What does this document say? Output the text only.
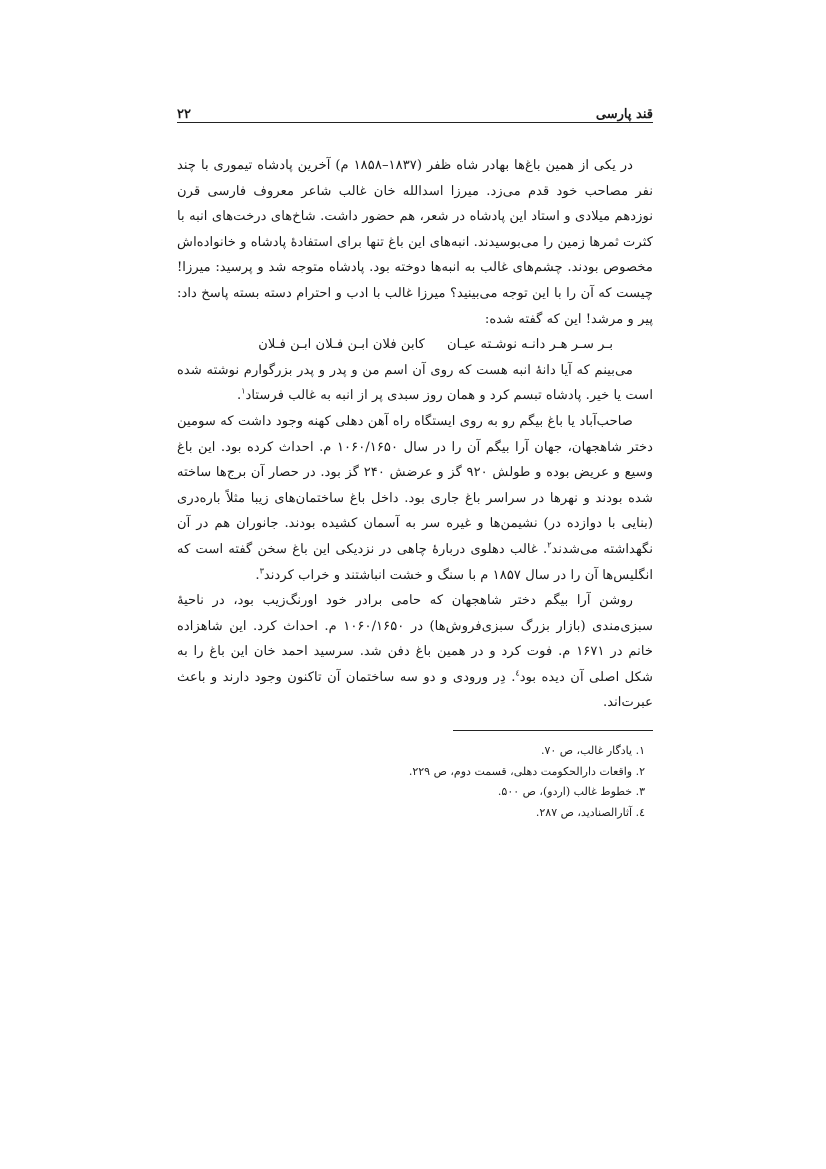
قند پارسی
۲۲

در یکی از همین باغ‌ها بهادر شاه ظفر (۱۸۳۷–۱۸۵۸ م) آخرین پادشاه تیموری با چند نفر مصاحب خود قدم می‌زد. میرزا اسدالله خان غالب شاعر معروف فارسی قرن نوزدهم میلادی و استاد این پادشاه در شعر، هم حضور داشت. شاخ‌های درخت‌های انبه با کثرت ثمرها زمین را می‌بوسیدند. انبه‌های این باغ تنها برای استفادهٔ پادشاه و خانواده‌اش مخصوص بودند. چشم‌های غالب به انبه‌ها دوخته بود. پادشاه متوجه شد و پرسید: میرزا! چیست که آن را با این توجه می‌بینید؟ میرزا غالب با ادب و احترام دسته بسته پاسخ داد: پیر و مرشد! این که گفته شده:

بـر سـر هـر دانـه نوشـته عیـان
کابن فلان ابـن فـلان ابـن فـلان

می‌بینم که آیا دانهٔ انبه هست که روی آن اسم من و پدر و پدر بزرگوارم نوشته شده است یا خیر. پادشاه تبسم کرد و همان روز سبدی پر از انبه به غالب فرستاد$^۱$.

صاحب‌آباد یا باغ بیگم رو به روی ایستگاه راه آهن دهلی کهنه وجود داشت که سومین دختر شاهجهان، جهان آرا بیگم آن را در سال ۱۰۶۰/۱۶۵۰ م. احداث کرده بود. این باغ وسیع و عریض بوده و طولش ۹۲۰ گز و عرضش ۲۴۰ گز بود. در حصار آن برج‌ها ساخته شده بودند و نهرها در سراسر باغ جاری بود. داخل باغ ساختمان‌های زیبا مثلاً باره‌دری (بنایی با دوازده در) نشیمن‌ها و غیره سر به آسمان کشیده بودند. جانوران هم در آن نگهداشته می‌شدند$^۲$. غالب دهلوی دربارهٔ چاهی در نزدیکی این باغ سخن گفته است که انگلیس‌ها آن را در سال ۱۸۵۷ م با سنگ و خشت انباشتند و خراب کردند$^۳$.

روشن آرا بیگم دختر شاهجهان که حامی برادر خود اورنگ‌زیب بود، در ناحیهٔ سبزی‌مندی (بازار بزرگ سبزی‌فروش‌ها) در ۱۰۶۰/۱۶۵۰ م. احداث کرد. این شاهزاده خانم در ۱۶۷۱ م. فوت کرد و در همین باغ دفن شد. سرسید احمد خان این باغ را به شکل اصلی آن دیده بود$^٤$. دِر ورودی و دو سه ساختمان آن تاکنون وجود دارند و باعث عبرت‌اند.

۱. یادگار غالب، ص ۷۰.
۲. واقعات دارالحکومت دهلی، قسمت دوم، ص ۲۲۹.
۳. خطوط غالب (اردو)، ص ۵۰۰.
٤. آثارالصنادید، ص ۲۸۷.
